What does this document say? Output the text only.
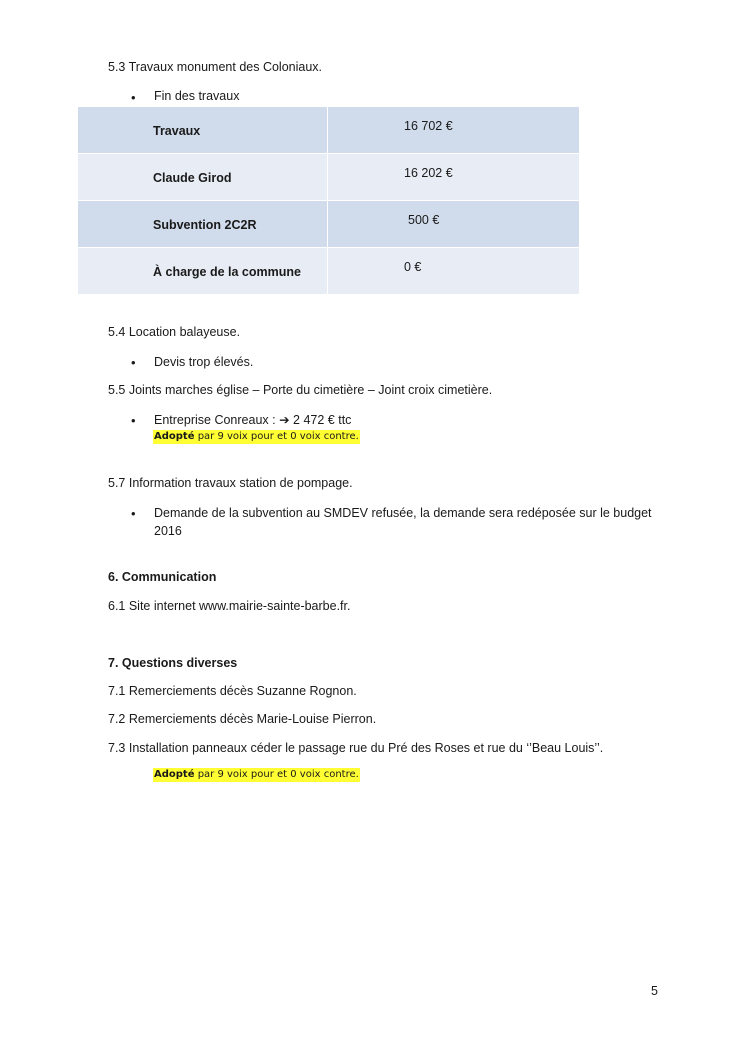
5.3 Travaux monument des Coloniaux.
• Fin des travaux
Travaux	16 702 €
Claude Girod	16 202 €
Subvention 2C2R	500 €
À charge de la commune	0 €
5.4 Location balayeuse.
• Devis trop élevés.
5.5 Joints marches église – Porte du cimetière – Joint croix cimetière.
• Entreprise Conreaux : ➔ 2 472 € ttc
Adopté par 9 voix pour et 0 voix contre.
5.7 Information travaux station de pompage.
• Demande de la subvention au SMDEV refusée, la demande sera redéposée sur le budget
2016
6. Communication
6.1 Site internet www.mairie-sainte-barbe.fr.
7. Questions diverses
7.1 Remerciements décès Suzanne Rognon.
7.2 Remerciements décès Marie-Louise Pierron.
7.3 Installation panneaux céder le passage rue du Pré des Roses et rue du ‘’Beau Louis’’.
Adopté par 9 voix pour et 0 voix contre.
5
